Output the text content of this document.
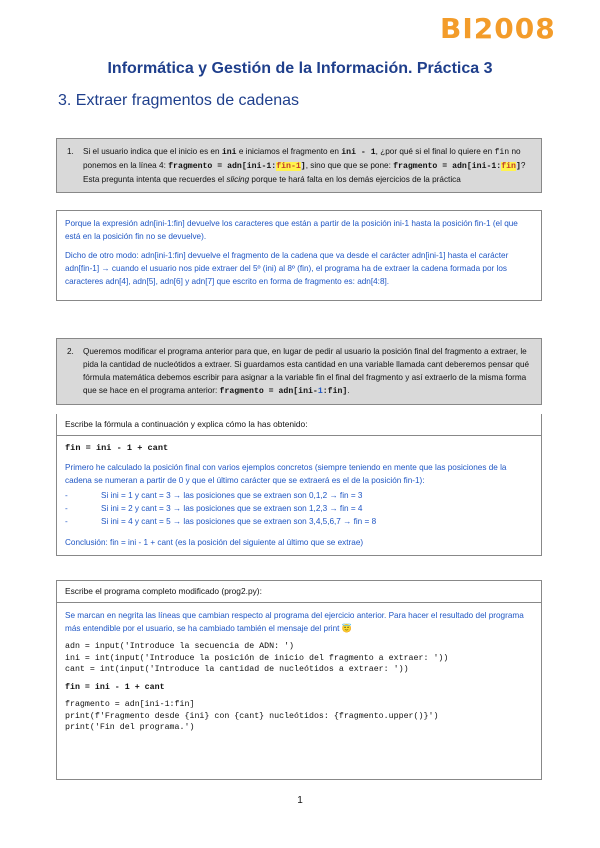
BI2008
Informática y Gestión de la Información. Práctica 3
3. Extraer fragmentos de cadenas
1. Si el usuario indica que el inicio es en ini e iniciamos el fragmento en ini - 1, ¿por qué si el final lo quiere en fin no ponemos en la línea 4: fragmento = adn[ini-1:fin-1], sino que que se pone: fragmento = adn[ini-1:fin]? Esta pregunta intenta que recuerdes el slicing porque te hará falta en los demás ejercicios de la práctica

Porque la expresión adn[ini-1:fin] devuelve los caracteres que están a partir de la posición ini-1 hasta la posición fin-1 (el que está en la posición fin no se devuelve).

Dicho de otro modo: adn[ini-1:fin] devuelve el fragmento de la cadena que va desde el carácter adn[ini-1] hasta el carácter adn[fin-1] → cuando el usuario nos pide extraer del 5º (ini) al 8º (fin), el programa ha de extraer la cadena formada por los caracteres adn[4], adn[5], adn[6] y adn[7] que escrito en forma de fragmento es: adn[4:8].

2. Queremos modificar el programa anterior para que, en lugar de pedir al usuario la posición final del fragmento a extraer, le pida la cantidad de nucleótidos a extraer. Si guardamos esta cantidad en una variable llamada cant deberemos pensar qué fórmula matemática debemos escribir para asignar a la variable fin el final del fragmento y así extraerlo de la misma forma que se hace en el programa anterior: fragmento = adn[ini-1:fin].
Escribe la fórmula a continuación y explica cómo la has obtenido:

fin = ini - 1 + cant

Primero he calculado la posición final con varios ejemplos concretos (siempre teniendo en mente que las posiciones de la cadena se numeran a partir de 0 y que el último carácter que se extraerá es el de la posición fin-1):

-	Si ini = 1 y cant = 3 → las posiciones que se extraen son 0,1,2 → fin = 3
-	Si ini = 2 y cant = 3 → las posiciones que se extraen son 1,2,3 → fin = 4
-	Si ini = 4 y cant = 5 → las posiciones que se extraen son 3,4,5,6,7 → fin = 8

Conclusión: fin = ini - 1 + cant (es la posición del siguiente al último que se extrae)

Escribe el programa completo modificado (prog2.py):

Se marcan en negrita las líneas que cambian respecto al programa del ejercicio anterior. Para hacer el resultado del programa más entendible por el usuario, se ha cambiado también el mensaje del print 😇

adn = input('Introduce la secuencia de ADN: ')
ini = int(input('Introduce la posición de inicio del fragmento a extraer: '))
cant = int(input('Introduce la cantidad de nucleótidos a extraer: '))
fin = ini - 1 + cant
fragmento = adn[ini-1:fin]
print(f'Fragmento desde {ini} con {cant} nucleótidos: {fragmento.upper()}')
print('Fin del programa.')
1
